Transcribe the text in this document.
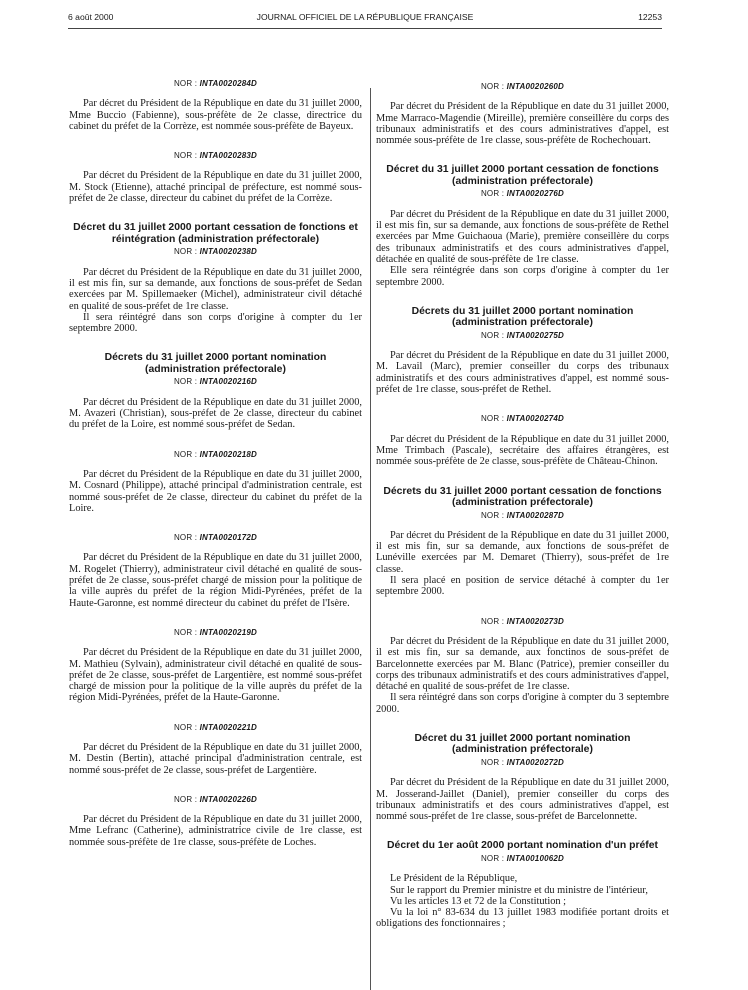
6 août 2000	JOURNAL OFFICIEL DE LA RÉPUBLIQUE FRANÇAISE	12253
NOR : INTA0020284D

Par décret du Président de la République en date du 31 juillet 2000, Mme Buccio (Fabienne), sous-préfète de 2e classe, directrice du cabinet du préfet de la Corrèze, est nommée sous-préfète de Bayeux.

NOR : INTA0020283D

Par décret du Président de la République en date du 31 juillet 2000, M. Stock (Etienne), attaché principal de préfecture, est nommé sous-préfet de 2e classe, directeur du cabinet du préfet de la Corrèze.

Décret du 31 juillet 2000 portant cessation de fonctions et réintégration (administration préfectorale)
NOR : INTA0020238D

Par décret du Président de la République en date du 31 juillet 2000, il est mis fin, sur sa demande, aux fonctions de sous-préfet de Sedan exercées par M. Spillemaeker (Michel), administrateur civil détaché en qualité de sous-préfet de 1re classe.

Il sera réintégré dans son corps d'origine à compter du 1er septembre 2000.

Décrets du 31 juillet 2000 portant nomination (administration préfectorale)
NOR : INTA0020216D

Par décret du Président de la République en date du 31 juillet 2000, M. Avazeri (Christian), sous-préfet de 2e classe, directeur du cabinet du préfet de la Loire, est nommé sous-préfet de Sedan.

NOR : INTA0020218D

Par décret du Président de la République en date du 31 juillet 2000, M. Cosnard (Philippe), attaché principal d'administration centrale, est nommé sous-préfet de 2e classe, directeur du cabinet du préfet de la Loire.

NOR : INTA0020172D

Par décret du Président de la République en date du 31 juillet 2000, M. Rogelet (Thierry), administrateur civil détaché en qualité de sous-préfet de 2e classe, sous-préfet chargé de mission pour la politique de la ville auprès du préfet de la région Midi-Pyrénées, préfet de la Haute-Garonne, est nommé directeur du cabinet du préfet de l'Isère.

NOR : INTA0020219D

Par décret du Président de la République en date du 31 juillet 2000, M. Mathieu (Sylvain), administrateur civil détaché en qualité de sous-préfet de 2e classe, sous-préfet de Largentière, est nommé sous-préfet chargé de mission pour la politique de la ville auprès du préfet de la région Midi-Pyrénées, préfet de la Haute-Garonne.

NOR : INTA0020221D

Par décret du Président de la République en date du 31 juillet 2000, M. Destin (Bertin), attaché principal d'administration centrale, est nommé sous-préfet de 2e classe, sous-préfet de Largentière.

NOR : INTA0020226D

Par décret du Président de la République en date du 31 juillet 2000, Mme Lefranc (Catherine), administratrice civile de 1re classe, est nommée sous-préfète de 1re classe, sous-préfète de Loches.

NOR : INTA0020260D

Par décret du Président de la République en date du 31 juillet 2000, Mme Marraco-Magendie (Mireille), première conseillère du corps des tribunaux administratifs et des cours administratives d'appel, est nommée sous-préfète de 1re classe, sous-préfète de Rochechouart.

Décret du 31 juillet 2000 portant cessation de fonctions (administration préfectorale)
NOR : INTA0020276D

Par décret du Président de la République en date du 31 juillet 2000, il est mis fin, sur sa demande, aux fonctions de sous-préfète de Rethel exercées par Mme Guichaoua (Marie), première conseillère du corps des tribunaux administratifs et des cours administratives d'appel, détachée en qualité de sous-préfète de 1re classe.

Elle sera réintégrée dans son corps d'origine à compter du 1er septembre 2000.

Décrets du 31 juillet 2000 portant nomination (administration préfectorale)
NOR : INTA0020275D

Par décret du Président de la République en date du 31 juillet 2000, M. Lavail (Marc), premier conseiller du corps des tribunaux administratifs et des cours administratives d'appel, est nommé sous-préfet de 1re classe, sous-préfet de Rethel.

NOR : INTA0020274D

Par décret du Président de la République en date du 31 juillet 2000, Mme Trimbach (Pascale), secrétaire des affaires étrangères, est nommée sous-préfète de 2e classe, sous-préfète de Château-Chinon.

Décrets du 31 juillet 2000 portant cessation de fonctions (administration préfectorale)
NOR : INTA0020287D

Par décret du Président de la République en date du 31 juillet 2000, il est mis fin, sur sa demande, aux fonctions de sous-préfet de Lunéville exercées par M. Demaret (Thierry), sous-préfet de 1re classe.

Il sera placé en position de service détaché à compter du 1er septembre 2000.

NOR : INTA0020273D

Par décret du Président de la République en date du 31 juillet 2000, il est mis fin, sur sa demande, aux fonctinos de sous-préfet de Barcelonnette exercées par M. Blanc (Patrice), premier conseiller du corps des tribunaux administratifs et des cours administratives d'appel, détaché en qualité de sous-préfet de 1re classe.

Il sera réintégré dans son corps d'origine à compter du 3 septembre 2000.

Décret du 31 juillet 2000 portant nomination (administration préfectorale)
NOR : INTA0020272D

Par décret du Président de la République en date du 31 juillet 2000, M. Josserand-Jaillet (Daniel), premier conseiller du corps des tribunaux administratifs et des cours administratives d'appel, est nommé sous-préfet de 1re classe, sous-préfet de Barcelonnette.

Décret du 1er août 2000 portant nomination d'un préfet
NOR : INTA0010062D

Le Président de la République,

Sur le rapport du Premier ministre et du ministre de l'intérieur,

Vu les articles 13 et 72 de la Constitution ;

Vu la loi n° 83-634 du 13 juillet 1983 modifiée portant droits et obligations des fonctionnaires ;
